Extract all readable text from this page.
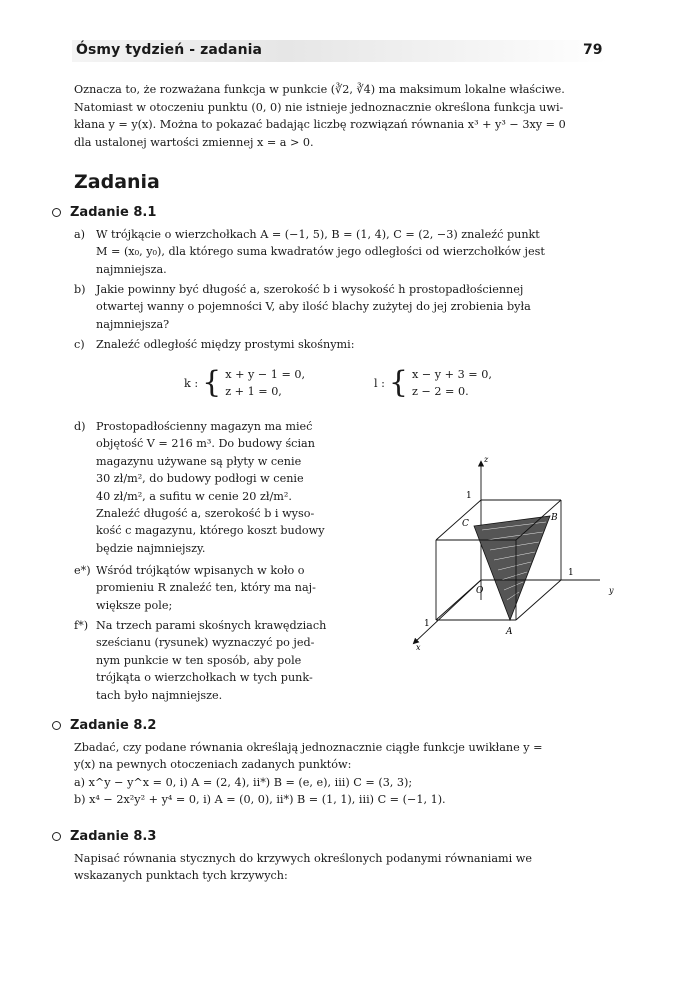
Ósmy tydzień - zadania	79
Oznacza to, że rozważana funkcja w punkcie (∛2, ∛4) ma maksimum lokalne właściwe.
Natomiast w otoczeniu punktu (0, 0) nie istnieje jednoznacznie określona funkcja uwi-
kłana y = y(x). Można to pokazać badając liczbę rozwiązań równania x³ + y³ − 3xy = 0
dla ustalonej wartości zmiennej x = a > 0.
Zadania
Zadanie 8.1
a) W trójkącie o wierzchołkach A = (−1, 5), B = (1, 4), C = (2, −3) znaleźć punkt
M = (x₀, y₀), dla którego suma kwadratów jego odległości od wierzchołków jest
najmniejsza.
b) Jakie powinny być długość a, szerokość b i wysokość h prostopadłościennej
otwartej wanny o pojemności V, aby ilość blachy zużytej do jej zrobienia była
najmniejsza?
c) Znaleźć odległość między prostymi skośnymi:
k : { x + y − 1 = 0,
z + 1 = 0,
l : { x − y + 3 = 0,
z − 2 = 0.
d) Prostopadłościenny magazyn ma mieć
objętość V = 216 m³. Do budowy ścian
magazynu używane są płyty w cenie
30 zł/m², do budowy podłogi w cenie
40 zł/m², a sufitu w cenie 20 zł/m².
Znaleźć długość a, szerokość b i wyso-
kość c magazynu, którego koszt budowy
będzie najmniejszy.
e*) Wśród trójkątów wpisanych w koło o
promieniu R znaleźć ten, który ma naj-
większe pole;
f*) Na trzech parami skośnych krawędziach
sześcianu (rysunek) wyznaczyć po jed-
nym punkcie w ten sposób, aby pole
trójkąta o wierzchołkach w tych punk-
tach było najmniejsze.
z
y
x
1
1
1
C
B
A
O
Zadanie 8.2
Zbadać, czy podane równania określają jednoznacznie ciągłe funkcje uwikłane y =
y(x) na pewnych otoczeniach zadanych punktów:
a) x^y − y^x = 0, i) A = (2, 4), ii*) B = (e, e), iii) C = (3, 3);
b) x⁴ − 2x²y² + y⁴ = 0, i) A = (0, 0), ii*) B = (1, 1), iii) C = (−1, 1).
Zadanie 8.3
Napisać równania stycznych do krzywych określonych podanymi równaniami we
wskazanych punktach tych krzywych:
